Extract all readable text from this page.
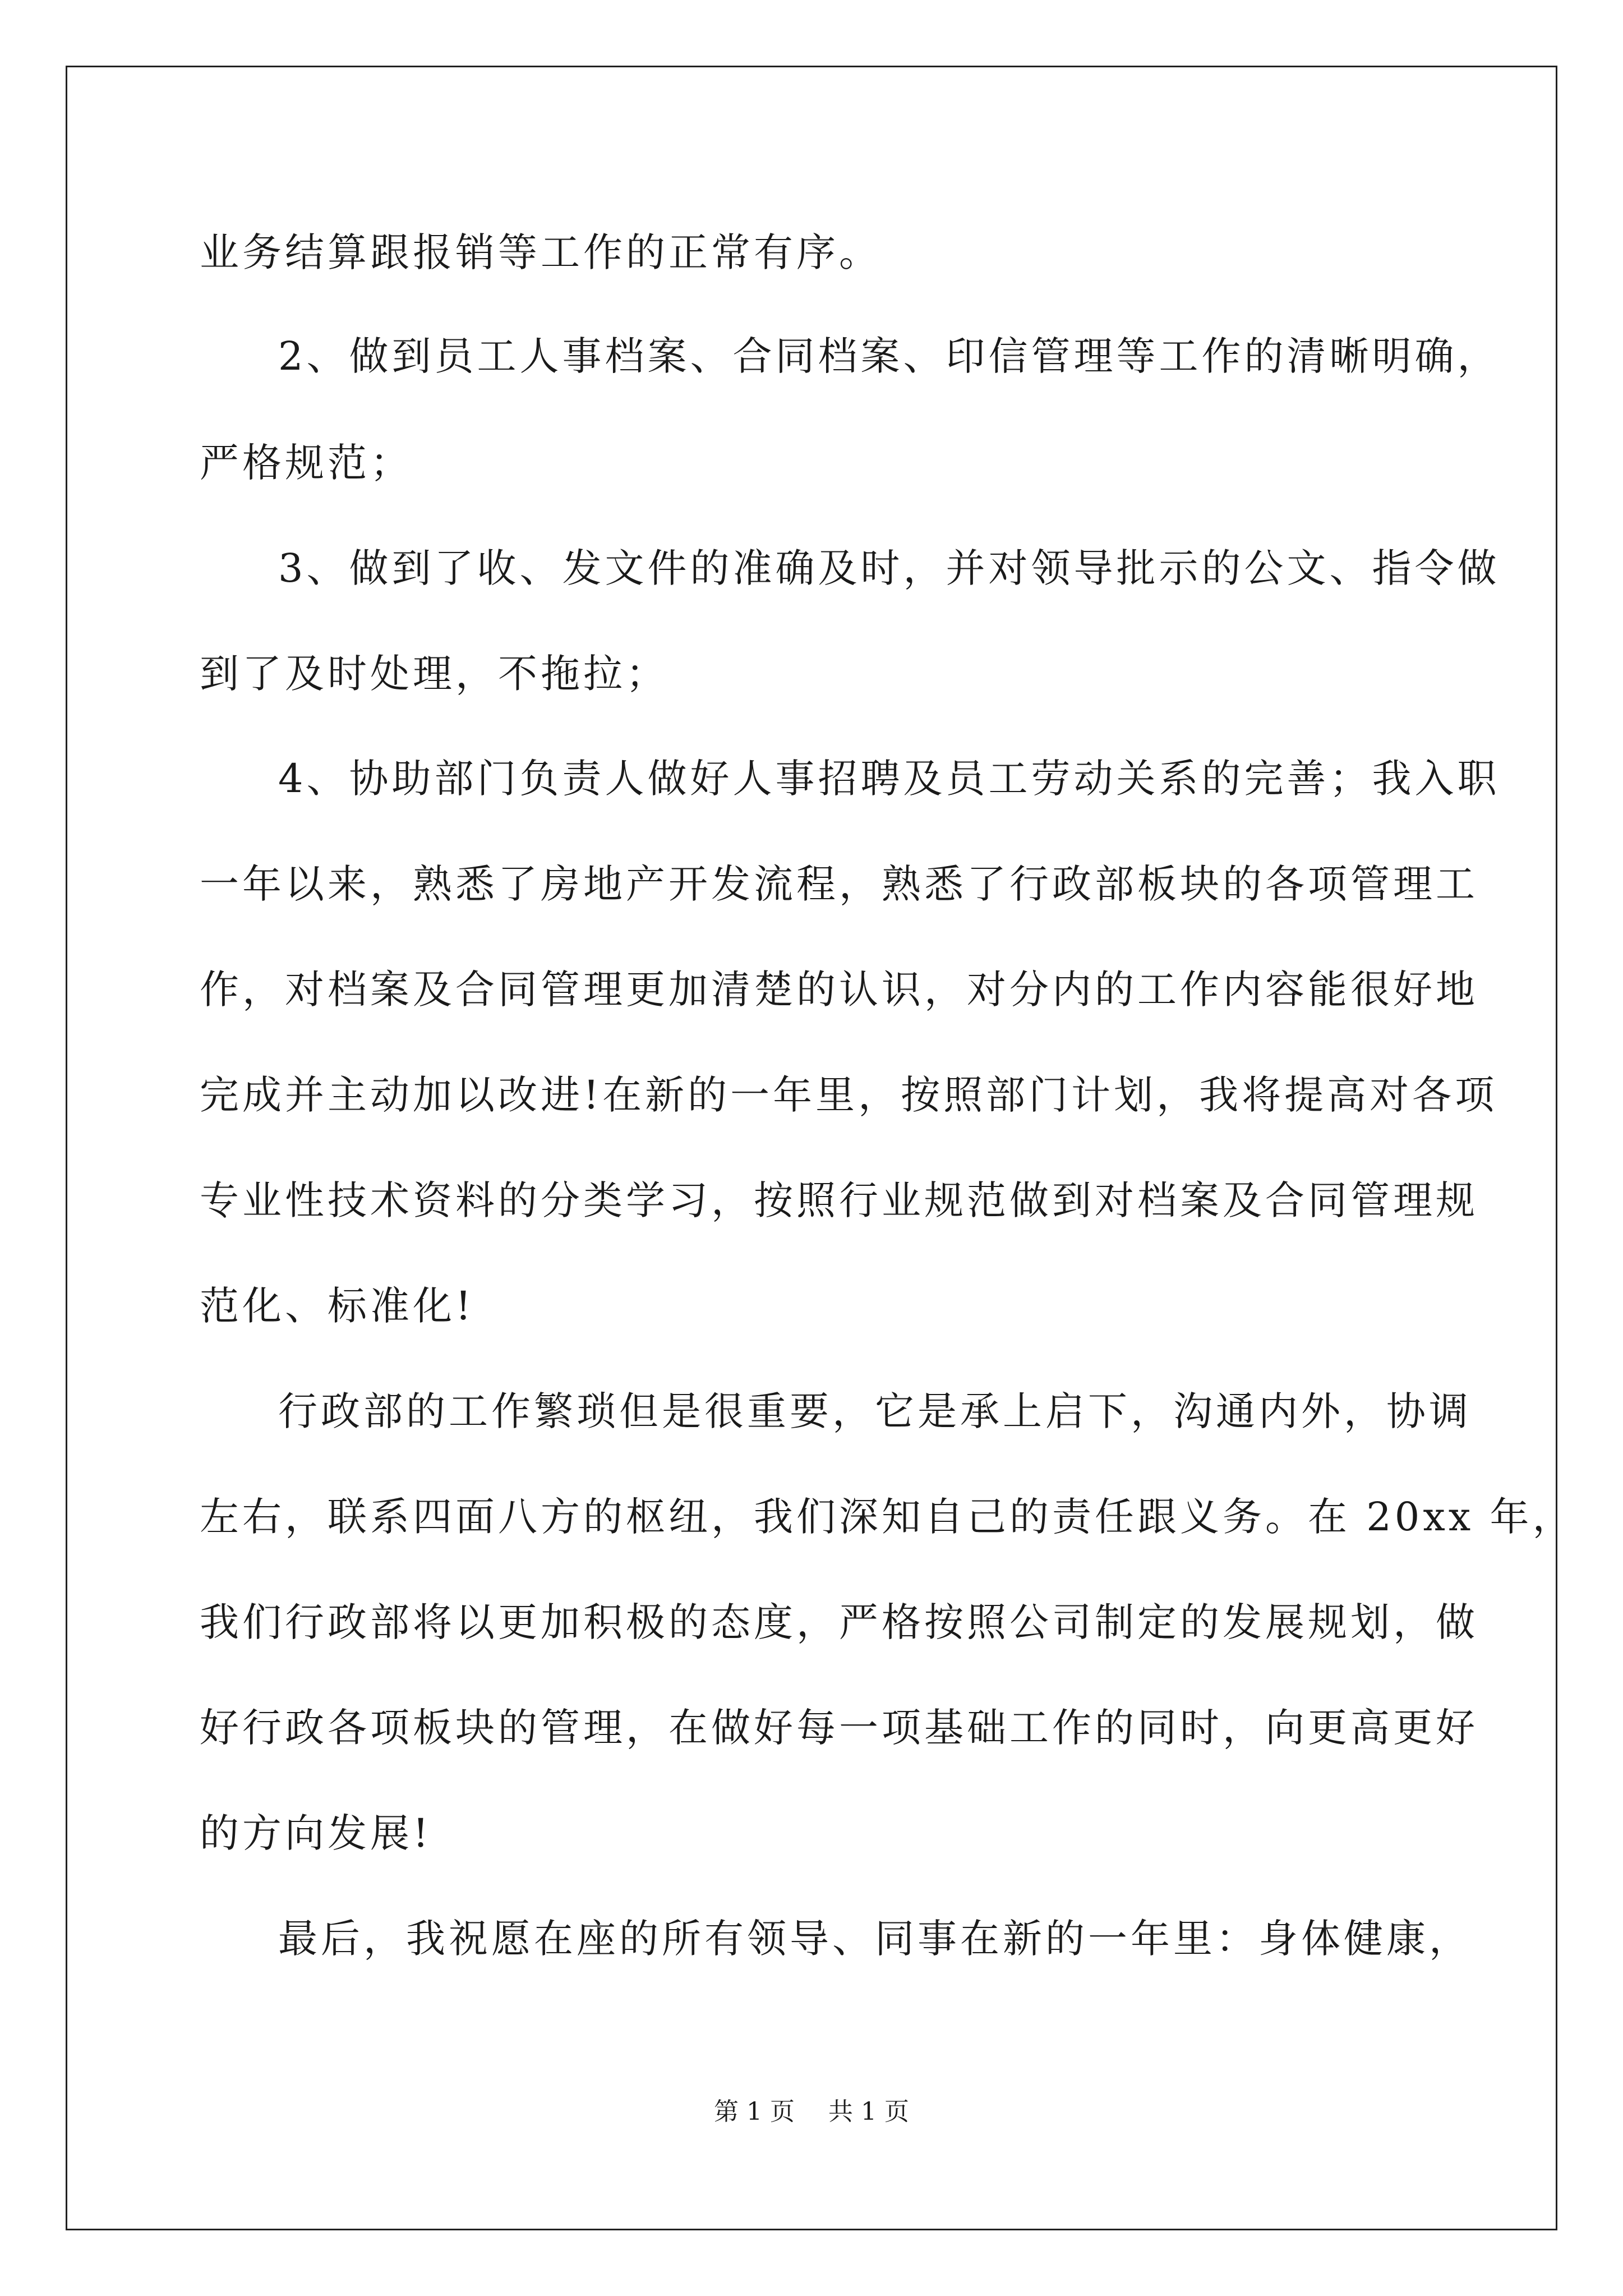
业务结算跟报销等工作的正常有序。
2、做到员工人事档案、合同档案、印信管理等工作的清晰明确，
严格规范；
3、做到了收、发文件的准确及时，并对领导批示的公文、指令做
到了及时处理，不拖拉；
4、协助部门负责人做好人事招聘及员工劳动关系的完善；我入职
一年以来，熟悉了房地产开发流程，熟悉了行政部板块的各项管理工
作，对档案及合同管理更加清楚的认识，对分内的工作内容能很好地
完成并主动加以改进!在新的一年里，按照部门计划，我将提高对各项
专业性技术资料的分类学习，按照行业规范做到对档案及合同管理规
范化、标准化!
行政部的工作繁琐但是很重要，它是承上启下，沟通内外，协调
左右，联系四面八方的枢纽，我们深知自己的责任跟义务。在 20xx 年，
我们行政部将以更加积极的态度，严格按照公司制定的发展规划，做
好行政各项板块的管理，在做好每一项基础工作的同时，向更高更好
的方向发展!
最后，我祝愿在座的所有领导、同事在新的一年里：身体健康，
第 1 页 共 1 页
